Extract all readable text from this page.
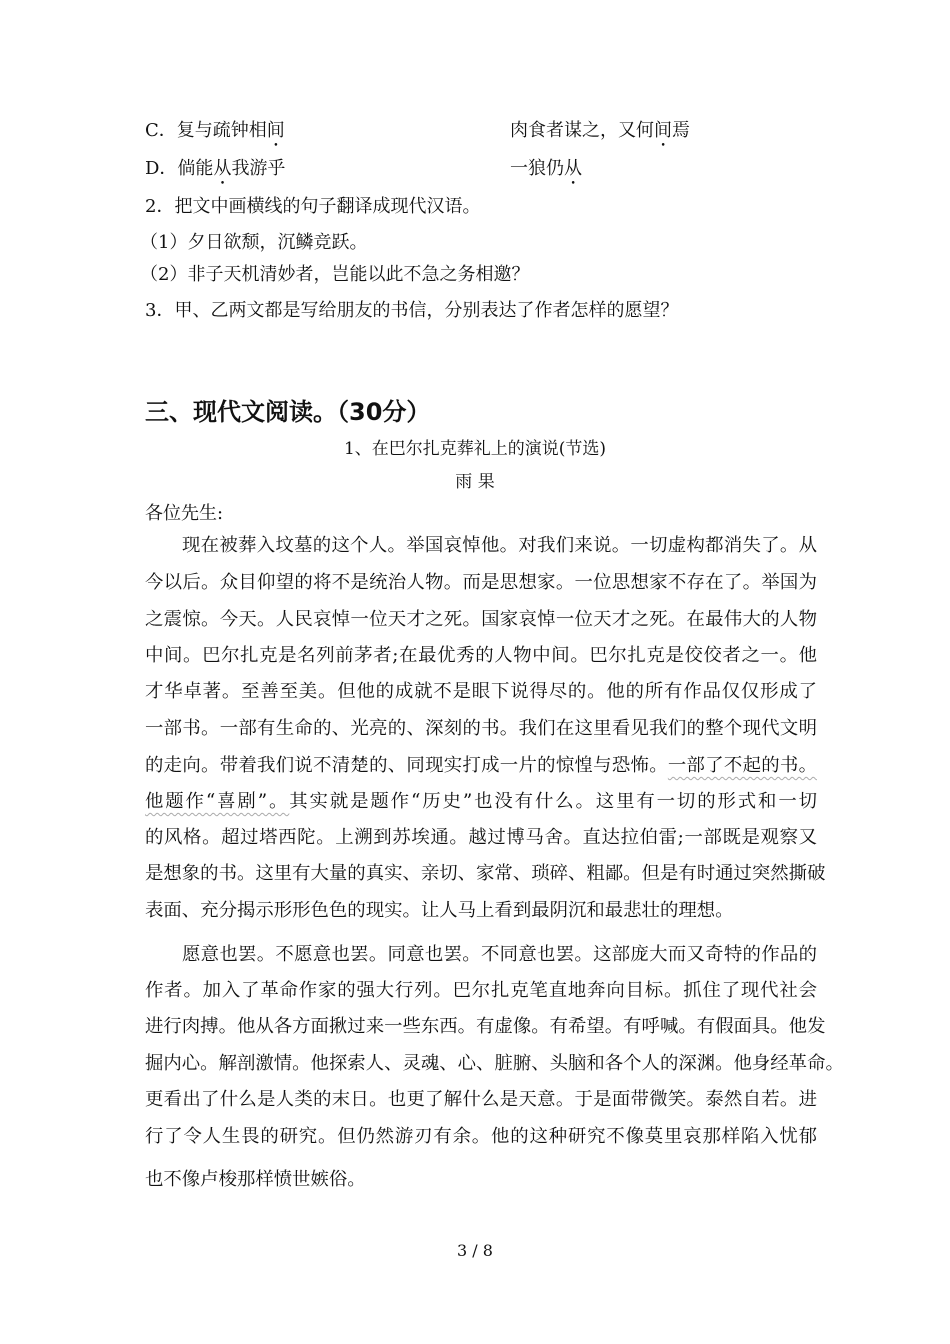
C．复与疏钟相间	肉食者谋之，又何间焉
D．倘能从我游乎	一狼仍从
2．把文中画横线的句子翻译成现代汉语。
（1）夕日欲颓，沉鳞竞跃。
（2）非子天机清妙者，岂能以此不急之务相邀？
3．甲、乙两文都是写给朋友的书信，分别表达了作者怎样的愿望？
三、现代文阅读。（30分）
1、在巴尔扎克葬礼上的演说(节选)
雨 果
各位先生:
现在被葬入坟墓的这个人。举国哀悼他。对我们来说。一切虚构都消失了。从
今以后。众目仰望的将不是统治人物。而是思想家。一位思想家不存在了。举国为
之震惊。今天。人民哀悼一位天才之死。国家哀悼一位天才之死。在最伟大的人物
中间。巴尔扎克是名列前茅者;在最优秀的人物中间。巴尔扎克是佼佼者之一。他
才华卓著。至善至美。但他的成就不是眼下说得尽的。他的所有作品仅仅形成了
一部书。一部有生命的、光亮的、深刻的书。我们在这里看见我们的整个现代文明
的走向。带着我们说不清楚的、同现实打成一片的惊惶与恐怖。一部了不起的书。
他题作“喜剧”。其实就是题作“历史”也没有什么。这里有一切的形式和一切
的风格。超过塔西陀。上溯到苏埃通。越过博马舍。直达拉伯雷;一部既是观察又
是想象的书。这里有大量的真实、亲切、家常、琐碎、粗鄙。但是有时通过突然撕破
表面、充分揭示形形色色的现实。让人马上看到最阴沉和最悲壮的理想。
愿意也罢。不愿意也罢。同意也罢。不同意也罢。这部庞大而又奇特的作品的
作者。加入了革命作家的强大行列。巴尔扎克笔直地奔向目标。抓住了现代社会
进行肉搏。他从各方面揪过来一些东西。有虚像。有希望。有呼喊。有假面具。他发
掘内心。解剖激情。他探索人、灵魂、心、脏腑、头脑和各个人的深渊。他身经革命。
更看出了什么是人类的末日。也更了解什么是天意。于是面带微笑。泰然自若。进
行了令人生畏的研究。但仍然游刃有余。他的这种研究不像莫里哀那样陷入忧郁
也不像卢梭那样愤世嫉俗。
3 / 8
